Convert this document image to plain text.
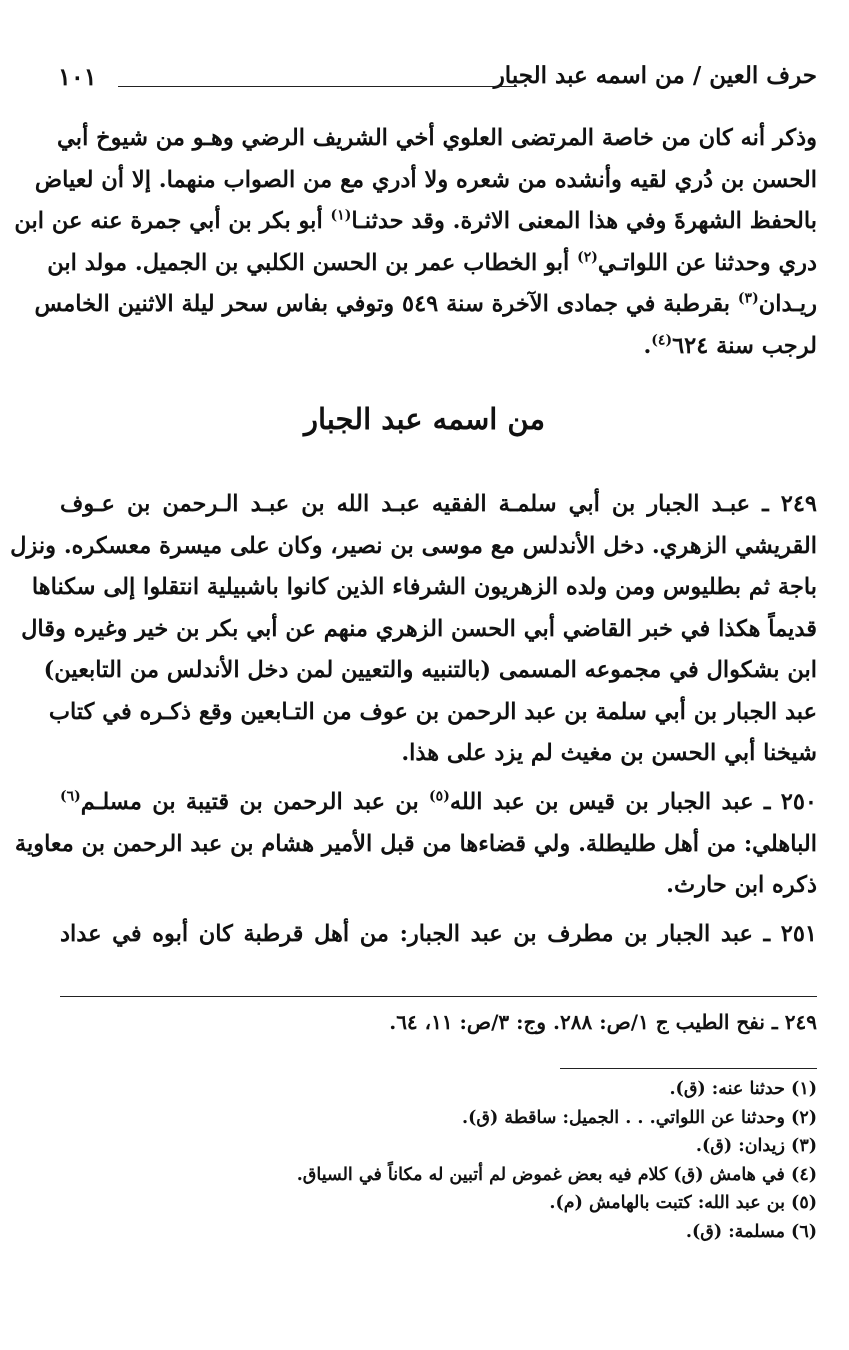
حرف العين / من اسمه عبد الجبار
١٠١
وذكر أنه كان من خاصة المرتضى العلوي أخي الشريف الرضي وهـو من شيوخ أبي
الحسن بن دُري لقيه وأنشده من شعره ولا أدري مع من الصواب منهما. إلا أن لعياض
بالحفظ الشهرةَ وفي هذا المعنى الاثرة. وقد حدثنـا$^{(١)}$ أبو بكر بن أبي جمرة عنه عن ابن
دري وحدثنا عن اللواتـي$^{(٢)}$ أبو الخطاب عمر بن الحسن الكلبي بن الجميل. مولد ابن
ريـدان$^{(٣)}$ بقرطبة في جمادى الآخرة سنة ٥٤٩ وتوفي بفاس سحر ليلة الاثنين الخامس
لرجب سنة ٦٢٤$^{(٤)}$.
من اسمه عبد الجبار
٢٤٩ ـ عبـد الجبار بن أبي سلمـة الفقيه عبـد الله بن عبـد الـرحمن بن عـوف
القريشي الزهري. دخل الأندلس مع موسى بن نصير، وكان على ميسرة معسكره. ونزل
باجة ثم بطليوس ومن ولده الزهريون الشرفاء الذين كانوا باشبيلية انتقلوا إلى سكناها
قديماً هكذا في خبر القاضي أبي الحسن الزهري منهم عن أبي بكر بن خير وغيره وقال
ابن بشكوال في مجموعه المسمى (بالتنبيه والتعيين لمن دخل الأندلس من التابعين)
عبد الجبار بن أبي سلمة بن عبد الرحمن بن عوف من التـابعين وقع ذكـره في كتاب
شيخنا أبي الحسن بن مغيث لم يزد على هذا.
٢٥٠ ـ عبد الجبار بن قيس بن عبد الله$^{(٥)}$ بن عبد الرحمن بن قتيبة بن مسلـم$^{(٦)}$
الباهلي: من أهل طليطلة. ولي قضاءها من قبل الأمير هشام بن عبد الرحمن بن معاوية
ذكره ابن حارث.
٢٥١ ـ عبد الجبار بن مطرف بن عبد الجبار: من أهل قرطبة كان أبوه في عداد
٢٤٩ ـ نفح الطيب ج ١/ص: ٢٨٨. وج: ٣/ص: ١١، ٦٤.
(١) حدثنا عنه: (ق).
(٢) وحدثنا عن اللواتي. . . الجميل: ساقطة (ق).
(٣) زيدان: (ق).
(٤) في هامش (ق) كلام فيه بعض غموض لم أتبين له مكاناً في السياق.
(٥) بن عبد الله: كتبت بالهامش (م).
(٦) مسلمة: (ق).
